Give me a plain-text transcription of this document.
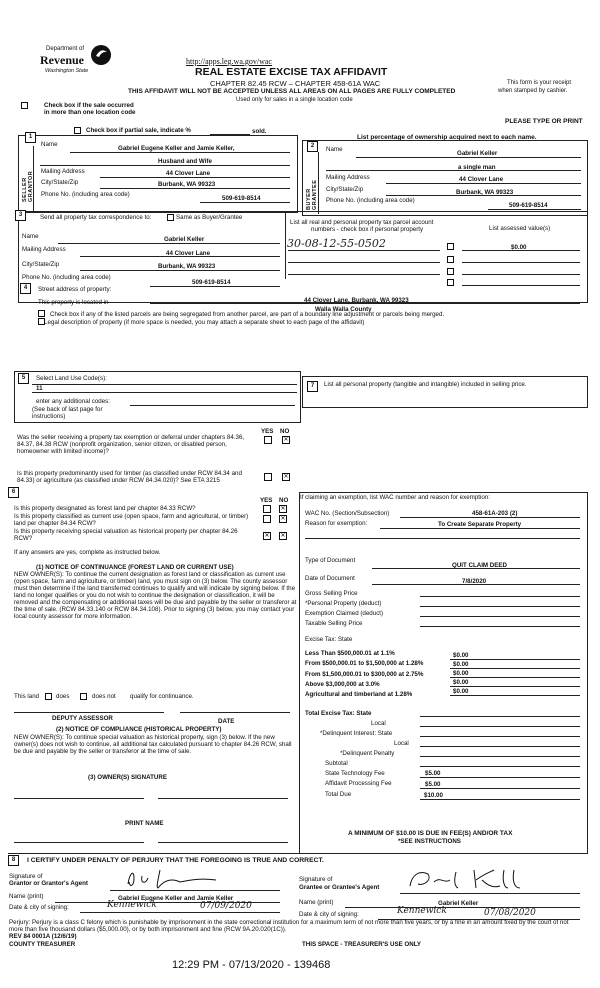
Department of
Revenue
Washington State
http://apps.leg.wa.gov/wac
REAL ESTATE EXCISE TAX AFFIDAVIT
CHAPTER 82.45 RCW – CHAPTER 458-61A WAC
THIS AFFIDAVIT WILL NOT BE ACCEPTED UNLESS ALL AREAS ON ALL PAGES ARE FULLY COMPLETED
Used only for sales in a single location code
This form is your receipt
when stamped by cashier.
Check box if the sale occurred
in more than one location code
PLEASE TYPE OR PRINT
Check box if partial sale, indicate %	sold.
List percentage of ownership acquired next to each name.
1
2
SELLER GRANTOR	BUYER GRANTEE
Name
Gabriel Eugene Keller and Jamie Keller,
Husband and Wife
Mailing Address	44 Clover Lane
City/State/Zip	Burbank, WA 99323
Phone No. (including area code)
509-619-8514
Name
Gabriel Keller
a single man
Mailing Address	44 Clover Lane
City/State/Zip	Burbank, WA 99323
Phone No. (including area code)
509-619-8514
3	Send all property tax correspondence to:	Same as Buyer/Grantee
Name	Gabriel Keller
Mailing Address
44 Clover Lane
City/State/Zip	Burbank, WA 99323
Phone No. (including area code)
509-619-8514
List all real and personal property tax parcel account
numbers - check box if personal property	List assessed value(s)
30-08-12-55-0502	$0.00
4	Street address of property:
44 Clover Lane, Burbank, WA 99323
This property is located in
Walla Walla County
Check box if any of the listed parcels are being segregated from another parcel, are part of a boundary line adjustment or parcels being merged.
Legal description of property (if more space is needed, you may attach a separate sheet to each page of the affidavit)
5	Select Land Use Code(s):
11
enter any additional codes:
(See back of last page for instructions)
YES NO
Was the seller receiving a property tax exemption or deferral under chapters 84.36, 84.37, 84.38 RCW (nonprofit organization, senior citizen, or disabled person, homeowner with limited income)?
✕
Is this property predominantly used for timber (as classified under RCW 84.34 and 84.33) or agriculture (as classified under RCW 84.34.020)? See ETA 3215	✕
7	List all personal property (tangible and intangible) included in selling price.
6
YES NO
Is this property designated as forest land per chapter 84.33 RCW?	✕
Is this property classified as current use (open space, farm and agricultural, or timber) land per chapter 84.34 RCW?
✕
Is this property receiving special valuation as historical property per chapter 84.26 RCW?	✕ ✕
If any answers are yes, complete as instructed below.
(1) NOTICE OF CONTINUANCE (FOREST LAND OR CURRENT USE)
NEW OWNER(S): To continue the current designation as forest land or classification as current use (open space, farm and agriculture, or timber) land, you must sign on (3) below. The county assessor must then determine if the land transferred continues to qualify and will indicate by signing below. If the land no longer qualifies or you do not wish to continue the designation or classification, it will be removed and the compensating or additional taxes will be due and payable by the seller or transferor at the time of sale. (RCW 84.33.140 or RCW 84.34.108). Prior to signing (3) below, you may contact your local county assessor for more information.
This land	does	does not qualify for continuance.
DEPUTY ASSESSOR	DATE
(2) NOTICE OF COMPLIANCE (HISTORICAL PROPERTY)
NEW OWNER(S): To continue special valuation as historical property, sign (3) below. If the new owner(s) does not wish to continue, all additional tax calculated pursuant to chapter 84.26 RCW, shall be due and payable by the seller or transferor at the time of sale.
(3) OWNER(S) SIGNATURE
PRINT NAME
If claiming an exemption, list WAC number and reason for exemption:
WAC No. (Section/Subsection)	458-61A-203 (2)
Reason for exemption:	To Create Separate Property
Type of Document
QUIT CLAIM DEED
Date of Document	7/8/2020
Gross Selling Price
*Personal Property (deduct)
Exemption Claimed (deduct)
Taxable Selling Price
Excise Tax: State
Less Than $500,000.01 at 1.1%	$0.00
From $500,000.01 to $1,500,000 at 1.28%	$0.00
From $1,500,000.01 to $300,000 at 2.75%	$0.00
Above $3,000,000 at 3.0%	$0.00
Agricultural and timberland at 1.28%	$0.00
Total Excise Tax: State
Local
*Delinquent Interest: State
Local
*Delinquent Penalty
Subtotal
State Technology Fee	$5.00
Affidavit Processing Fee	$5.00
Total Due	$10.00
A MINIMUM OF $10.00 IS DUE IN FEE(S) AND/OR TAX
*SEE INSTRUCTIONS
8	I CERTIFY UNDER PENALTY OF PERJURY THAT THE FOREGOING IS TRUE AND CORRECT.
Signature of
Grantor or Grantor's Agent
Name (print)	Gabriel Eugene Keller and Jamie Keller
Date & city of signing:	Kennewick	07/09/2020
Signature of
Grantee or Grantee's Agent
Name (print)	Gabriel Keller
Date & city of signing:	Kennewick	07/08/2020
Perjury: Perjury is a class C felony which is punishable by imprisonment in the state correctional institution for a maximum term of not more than five years, or by a fine in an amount fixed by the court of not more than five thousand dollars ($5,000.00), or by both imprisonment and fine (RCW 9A.20.020(1C)).
REV 84 0001A (12/6/19)
COUNTY TREASURER	THIS SPACE - TREASURER'S USE ONLY
12:29 PM - 07/13/2020 - 139468
